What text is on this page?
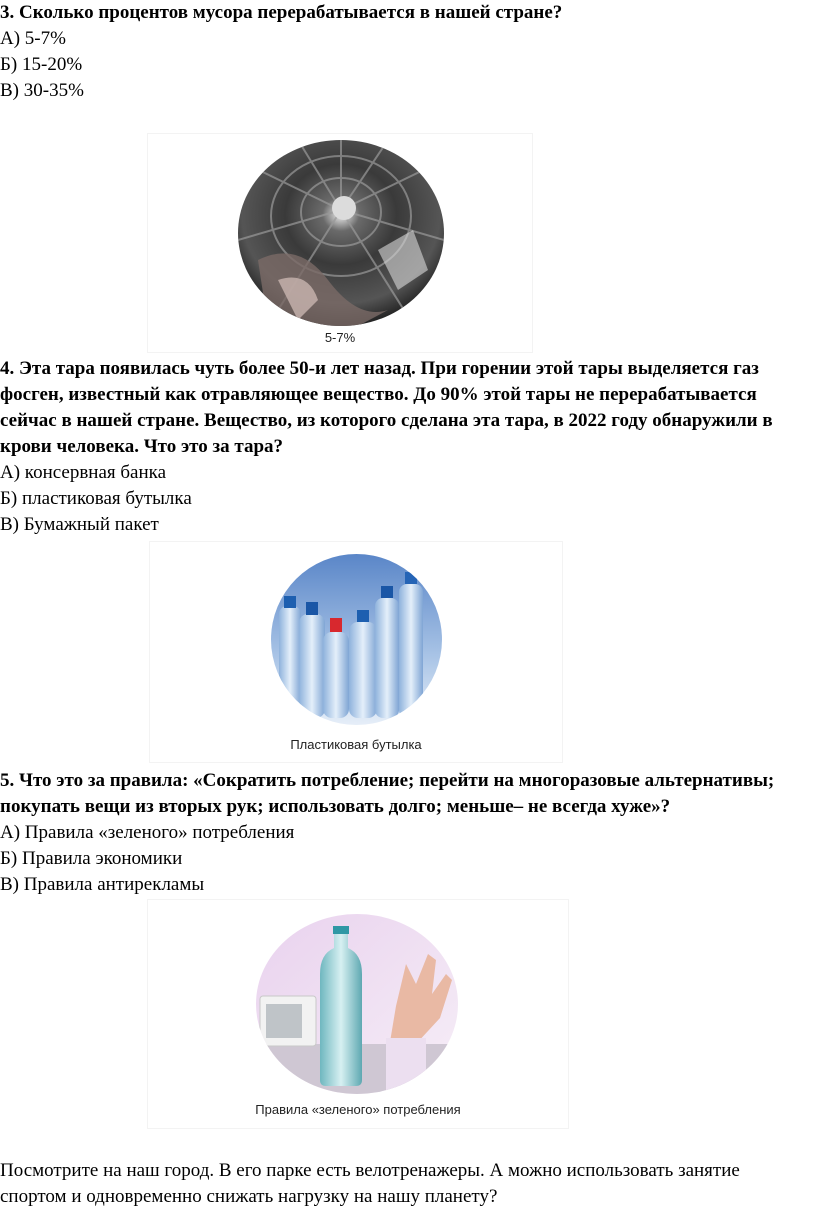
3. Сколько процентов мусора перерабатывается в нашей стране?
А) 5-7%
Б) 15-20%
В) 30-35%
5-7%
4. Эта тара появилась чуть более 50-и лет назад. При горении этой тары выделяется газ
фосген, известный как отравляющее вещество. До 90% этой тары не перерабатывается
сейчас в нашей стране. Вещество, из которого сделана эта тара, в 2022 году обнаружили в
крови человека. Что это за тара?
А) консервная банка
Б) пластиковая бутылка
В) Бумажный пакет
Пластиковая бутылка
5. Что это за правила: «Сократить потребление; перейти на многоразовые альтернативы;
покупать вещи из вторых рук; использовать долго; меньше– не всегда хуже»?
А) Правила «зеленого» потребления
Б) Правила экономики
В) Правила антирекламы
Правила «зеленого» потребления
Посмотрите на наш город. В его парке есть велотренажеры. А можно использовать занятие
спортом и одновременно снижать нагрузку на нашу планету?
